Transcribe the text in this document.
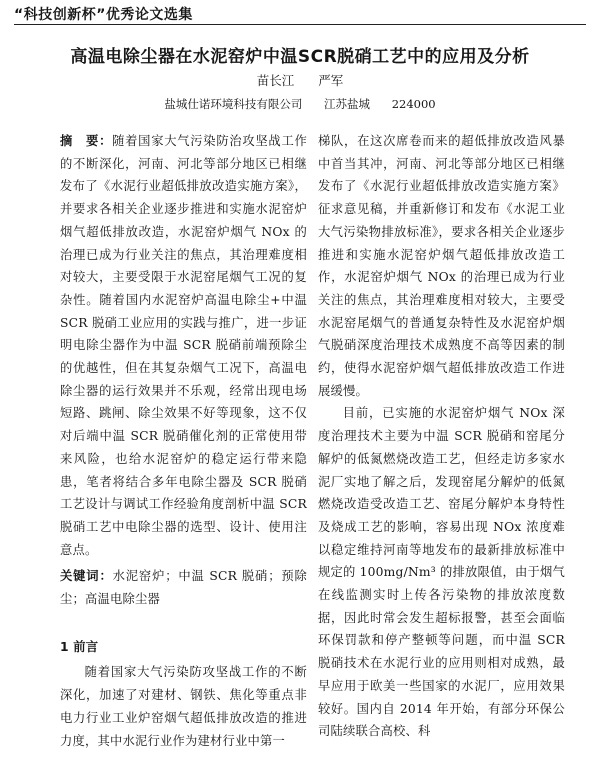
“科技创新杯”优秀论文选集
高温电除尘器在水泥窑炉中温SCR脱硝工艺中的应用及分析
苗长江 严军
盐城仕诺环境科技有限公司 江苏盐城 224000

摘　要：随着国家大气污染防治攻坚战工作的不断深化，河南、河北等部分地区已相继发布了《水泥行业超低排放改造实施方案》，并要求各相关企业逐步推进和实施水泥窑炉烟气超低排放改造，水泥窑炉烟气 NOx 的治理已成为行业关注的焦点，其治理难度相对较大，主要受限于水泥窑尾烟气工况的复杂性。随着国内水泥窑炉高温电除尘+中温 SCR 脱硝工业应用的实践与推广，进一步证明电除尘器作为中温 SCR 脱硝前端预除尘的优越性，但在其复杂烟气工况下，高温电除尘器的运行效果并不乐观，经常出现电场短路、跳闸、除尘效果不好等现象，这不仅对后端中温 SCR 脱硝催化剂的正常使用带来风险，也给水泥窑炉的稳定运行带来隐患，笔者将结合多年电除尘器及 SCR 脱硝工艺设计与调试工作经验角度剖析中温 SCR 脱硝工艺中电除尘器的选型、设计、使用注意点。

关键词：水泥窑炉；中温 SCR 脱硝；预除尘；高温电除尘器

1 前言

随着国家大气污染防攻坚战工作的不断深化，加速了对建材、钢铁、焦化等重点非电力行业工业炉窑烟气超低排放改造的推进力度，其中水泥行业作为建材行业中第一

梯队，在这次席卷而来的超低排放改造风暴中首当其冲，河南、河北等部分地区已相继发布了《水泥行业超低排放改造实施方案》征求意见稿，并重新修订和发布《水泥工业大气污染物排放标准》，要求各相关企业逐步推进和实施水泥窑炉烟气超低排放改造工作，水泥窑炉烟气 NOx 的治理已成为行业关注的焦点，其治理难度相对较大，主要受水泥窑尾烟气的普通复杂特性及水泥窑炉烟气脱硝深度治理技术成熟度不高等因素的制约，使得水泥窑炉烟气超低排放改造工作进展缓慢。

目前，已实施的水泥窑炉烟气 NOx 深度治理技术主要为中温 SCR 脱硝和窑尾分解炉的低氮燃烧改造工艺，但经走访多家水泥厂实地了解之后，发现窑尾分解炉的低氮燃烧改造受改造工艺、窑尾分解炉本身特性及烧成工艺的影响，容易出现 NOx 浓度难以稳定维持河南等地发布的最新排放标准中规定的 100mg/Nm³ 的排放限值，由于烟气在线监测实时上传各污染物的排放浓度数据，因此时常会发生超标报警，甚至会面临环保罚款和停产整顿等问题，而中温 SCR 脱硝技术在水泥行业的应用则相对成熟，最早应用于欧美一些国家的水泥厂，应用效果较好。国内自 2014 年开始，有部分环保公司陆续联合高校、科
